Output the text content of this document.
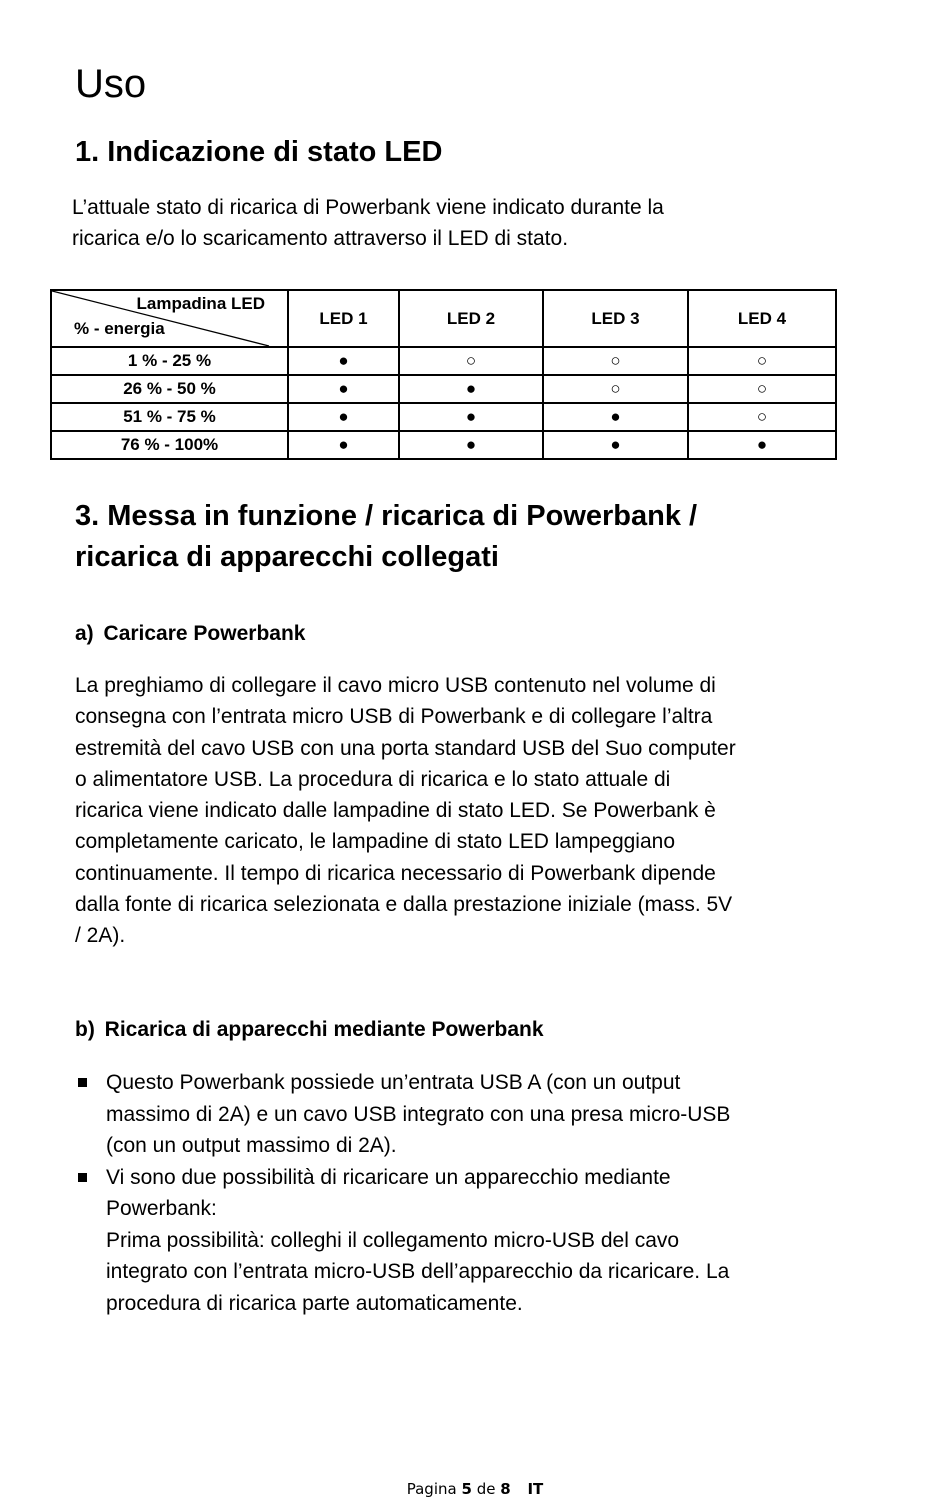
Uso
1. Indicazione di stato LED

L’attuale stato di ricarica di Powerbank viene indicato durante la

ricarica e/o lo scaricamento attraverso il LED di stato.

Lampadina LED
% - energia	LED 1	LED 2	LED 3	LED 4
1 % - 25 %	●	○	○	○
26 % - 50 %	●	●	○	○
51 % - 75 %	●	●	●	○
76 % - 100%	●	●	●	●
3. Messa in funzione / ricarica di Powerbank /
ricarica di apparecchi collegati
a) Caricare Powerbank

La preghiamo di collegare il cavo micro USB contenuto nel volume di

consegna con l’entrata micro USB di Powerbank e di collegare l’altra

estremità del cavo USB con una porta standard USB del Suo computer

o alimentatore USB. La procedura di ricarica e lo stato attuale di

ricarica viene indicato dalle lampadine di stato LED. Se Powerbank è

completamente caricato, le lampadine di stato LED lampeggiano

continuamente. Il tempo di ricarica necessario di Powerbank dipende

dalla fonte di ricarica selezionata e dalla prestazione iniziale (mass. 5V

/ 2A).

b) Ricarica di apparecchi mediante Powerbank
Questo Powerbank possiede un’entrata USB A (con un output
massimo di 2A) e un cavo USB integrato con una presa micro-USB
(con un output massimo di 2A).
Vi sono due possibilità di ricaricare un apparecchio mediante
Powerbank:
Prima possibilità: colleghi il collegamento micro-USB del cavo
integrato con l’entrata micro-USB dell’apparecchio da ricaricare. La
procedura di ricarica parte automaticamente.
Pagina 5 de 8 IT
